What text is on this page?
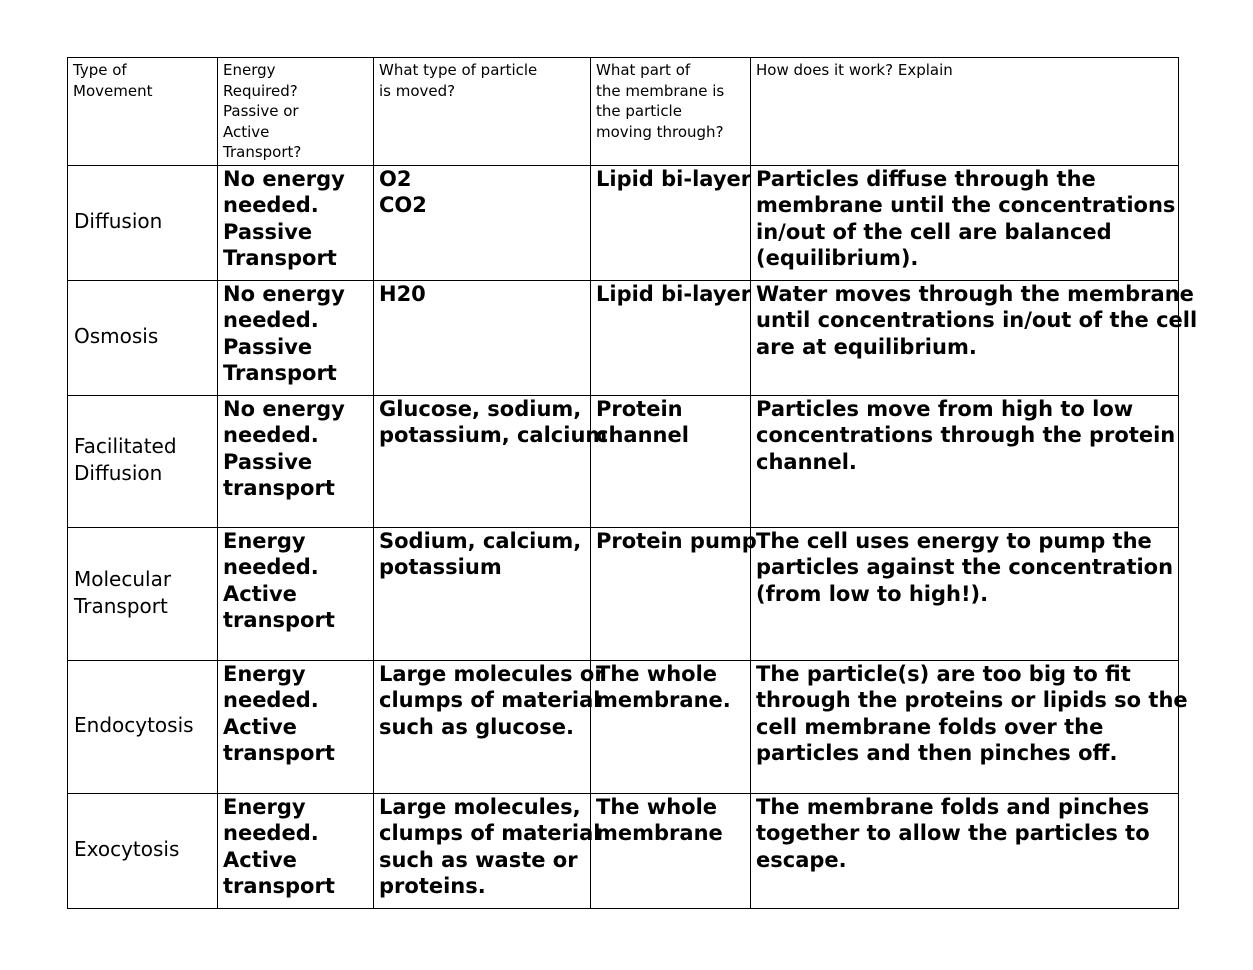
Type of
Movement	Energy
Required?
Passive or
Active
Transport?	What type of particle
is moved?	What part of
the membrane is
the particle
moving through?	How does it work? Explain

Diffusion	No energy
needed.
Passive
Transport	O2
CO2	Lipid bi-layer	Particles diffuse through the
membrane until the concentrations
in/out of the cell are balanced
(equilibrium).

Osmosis	No energy
needed.
Passive
Transport	H20	Lipid bi-layer	Water moves through the membrane
until concentrations in/out of the cell
are at equilibrium.

Facilitated
Diffusion	No energy
needed.
Passive
transport	Glucose, sodium,
potassium, calcium	Protein
channel	Particles move from high to low
concentrations through the protein
channel.

Molecular
Transport	Energy
needed.
Active
transport	Sodium, calcium,
potassium	Protein pump	The cell uses energy to pump the
particles against the concentration
(from low to high!).

Endocytosis	Energy
needed.
Active
transport	Large molecules or
clumps of material
such as glucose.	The whole
membrane.	The particle(s) are too big to fit
through the proteins or lipids so the
cell membrane folds over the
particles and then pinches off.

Exocytosis	Energy
needed.
Active
transport	Large molecules,
clumps of material
such as waste or
proteins.	The whole
membrane	The membrane folds and pinches
together to allow the particles to
escape.
